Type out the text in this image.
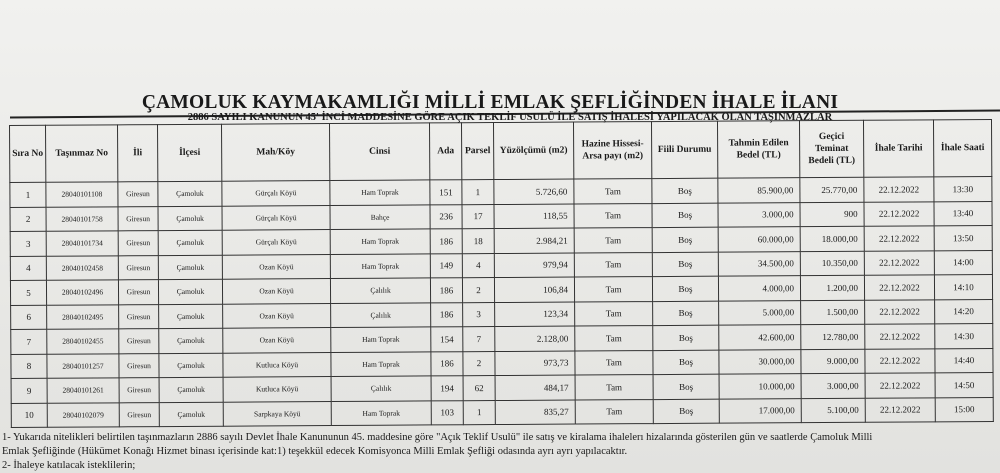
ÇAMOLUK KAYMAKAMLIĞI MİLLİ EMLAK ŞEFLİĞİNDEN İHALE İLANI
2886 SAYILI KANUNUN 45' İNCİ MADDESİNE GÖRE AÇIK TEKLİF USULÜ İLE SATIŞ İHALESİ YAPILACAK OLAN TAŞINMAZLAR
Sıra No	Taşınmaz No	İli	İlçesi	Mah/Köy	Cinsi	Ada	Parsel	Yüzölçümü (m2)	Hazine Hissesi-Arsa payı (m2)	Fiili Durumu	Tahmin Edilen Bedel (TL)	Geçici Teminat Bedeli (TL)	İhale Tarihi	İhale Saati
1	28040101108	Giresun	Çamoluk	Gürçalı Köyü	Ham Toprak	151	1	5.726,60	Tam	Boş	85.900,00	25.770,00	22.12.2022	13:30
2	28040101758	Giresun	Çamoluk	Gürçalı Köyü	Bahçe	236	17	118,55	Tam	Boş	3.000,00	900	22.12.2022	13:40
3	28040101734	Giresun	Çamoluk	Gürçalı Köyü	Ham Toprak	186	18	2.984,21	Tam	Boş	60.000,00	18.000,00	22.12.2022	13:50
4	28040102458	Giresun	Çamoluk	Ozan Köyü	Ham Toprak	149	4	979,94	Tam	Boş	34.500,00	10.350,00	22.12.2022	14:00
5	28040102496	Giresun	Çamoluk	Ozan Köyü	Çalılık	186	2	106,84	Tam	Boş	4.000,00	1.200,00	22.12.2022	14:10
6	28040102495	Giresun	Çamoluk	Ozan Köyü	Çalılık	186	3	123,34	Tam	Boş	5.000,00	1.500,00	22.12.2022	14:20
7	28040102455	Giresun	Çamoluk	Ozan Köyü	Ham Toprak	154	7	2.128,00	Tam	Boş	42.600,00	12.780,00	22.12.2022	14:30
8	28040101257	Giresun	Çamoluk	Kutluca Köyü	Ham Toprak	186	2	973,73	Tam	Boş	30.000,00	9.000,00	22.12.2022	14:40
9	28040101261	Giresun	Çamoluk	Kutluca Köyü	Çalılık	194	62	484,17	Tam	Boş	10.000,00	3.000,00	22.12.2022	14:50
10	28040102079	Giresun	Çamoluk	Sarpkaya Köyü	Ham Toprak	103	1	835,27	Tam	Boş	17.000,00	5.100,00	22.12.2022	15:00
1- Yukarıda nitelikleri belirtilen taşınmazların 2886 sayılı Devlet İhale Kanununun 45. maddesine göre "Açık Teklif Usulü" ile satış ve kiralama ihalelerı hizalarında gösterilen gün ve saatlerde Çamoluk Milli
Emlak Şefliğinde (Hükümet Konağı Hizmet binası içerisinde kat:1) teşekkül edecek Komisyonca Milli Emlak Şefliği odasında ayrı ayrı yapılacaktır.
2- İhaleye katılacak isteklilerin;
